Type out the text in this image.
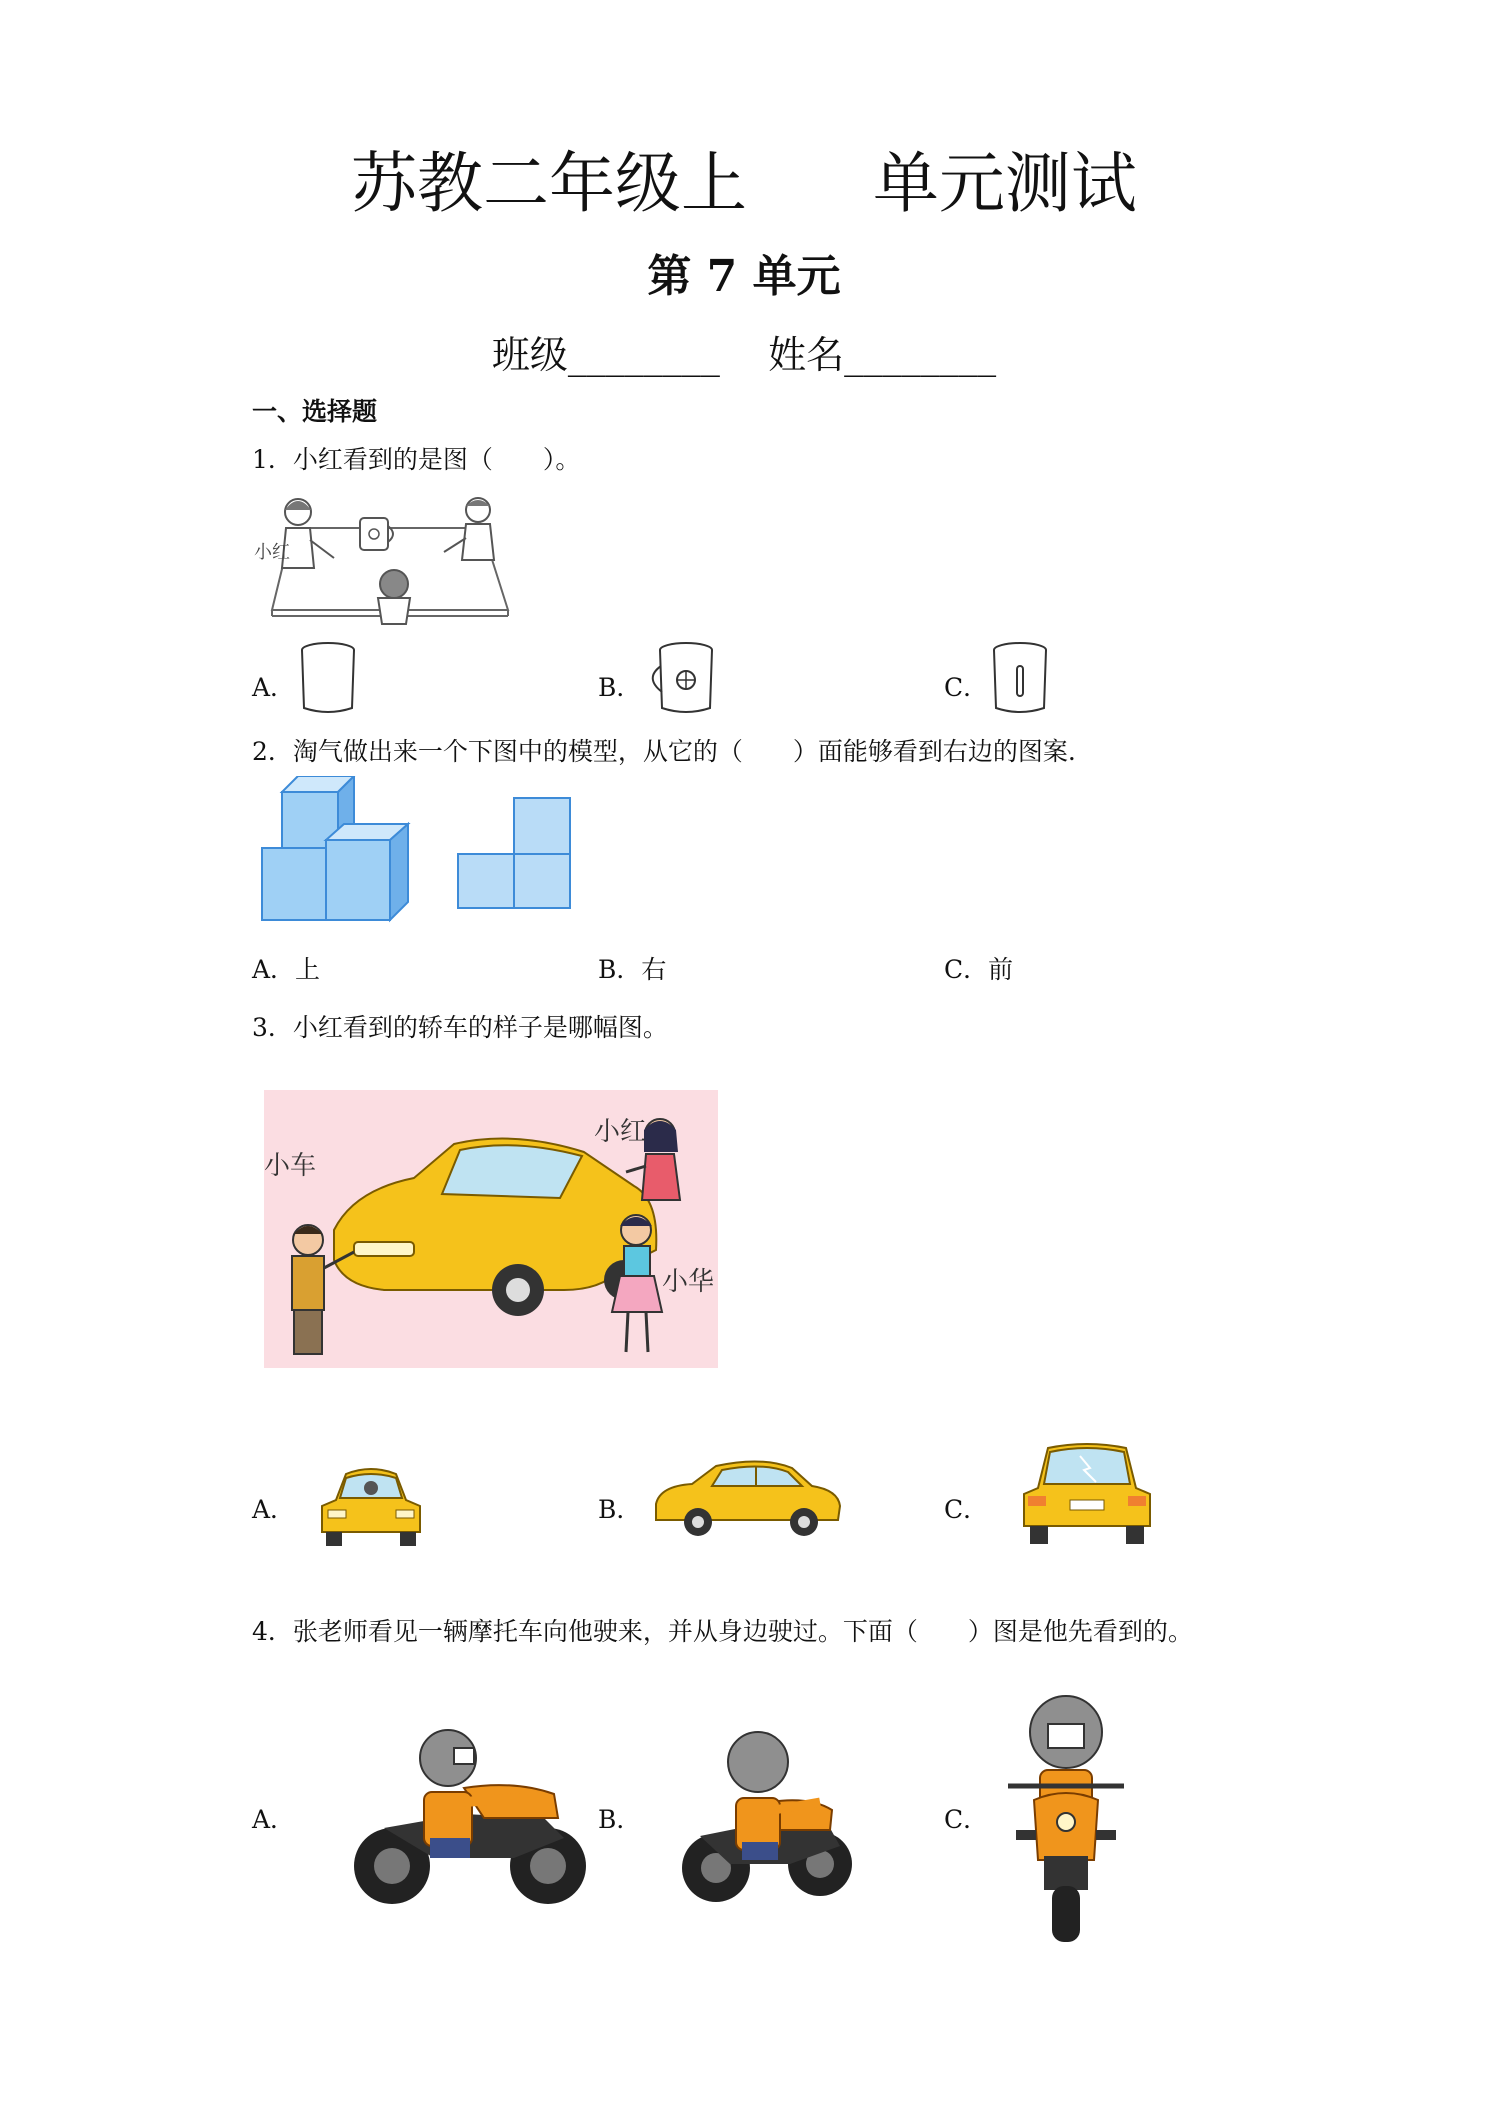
苏教二年级上      单元测试
第 7 单元
班级________    姓名________
一、选择题
1．小红看到的是图（　　）。
小红
A．	B．	C．
2．淘气做出来一个下图中的模型，从它的（　　）面能够看到右边的图案.
A．上	B．右	C．前
3．小红看到的轿车的样子是哪幅图。
小红
小车
小华
A．	B．	C．
4．张老师看见一辆摩托车向他驶来，并从身边驶过。下面（　　）图是他先看到的。
A．	B．	C．
